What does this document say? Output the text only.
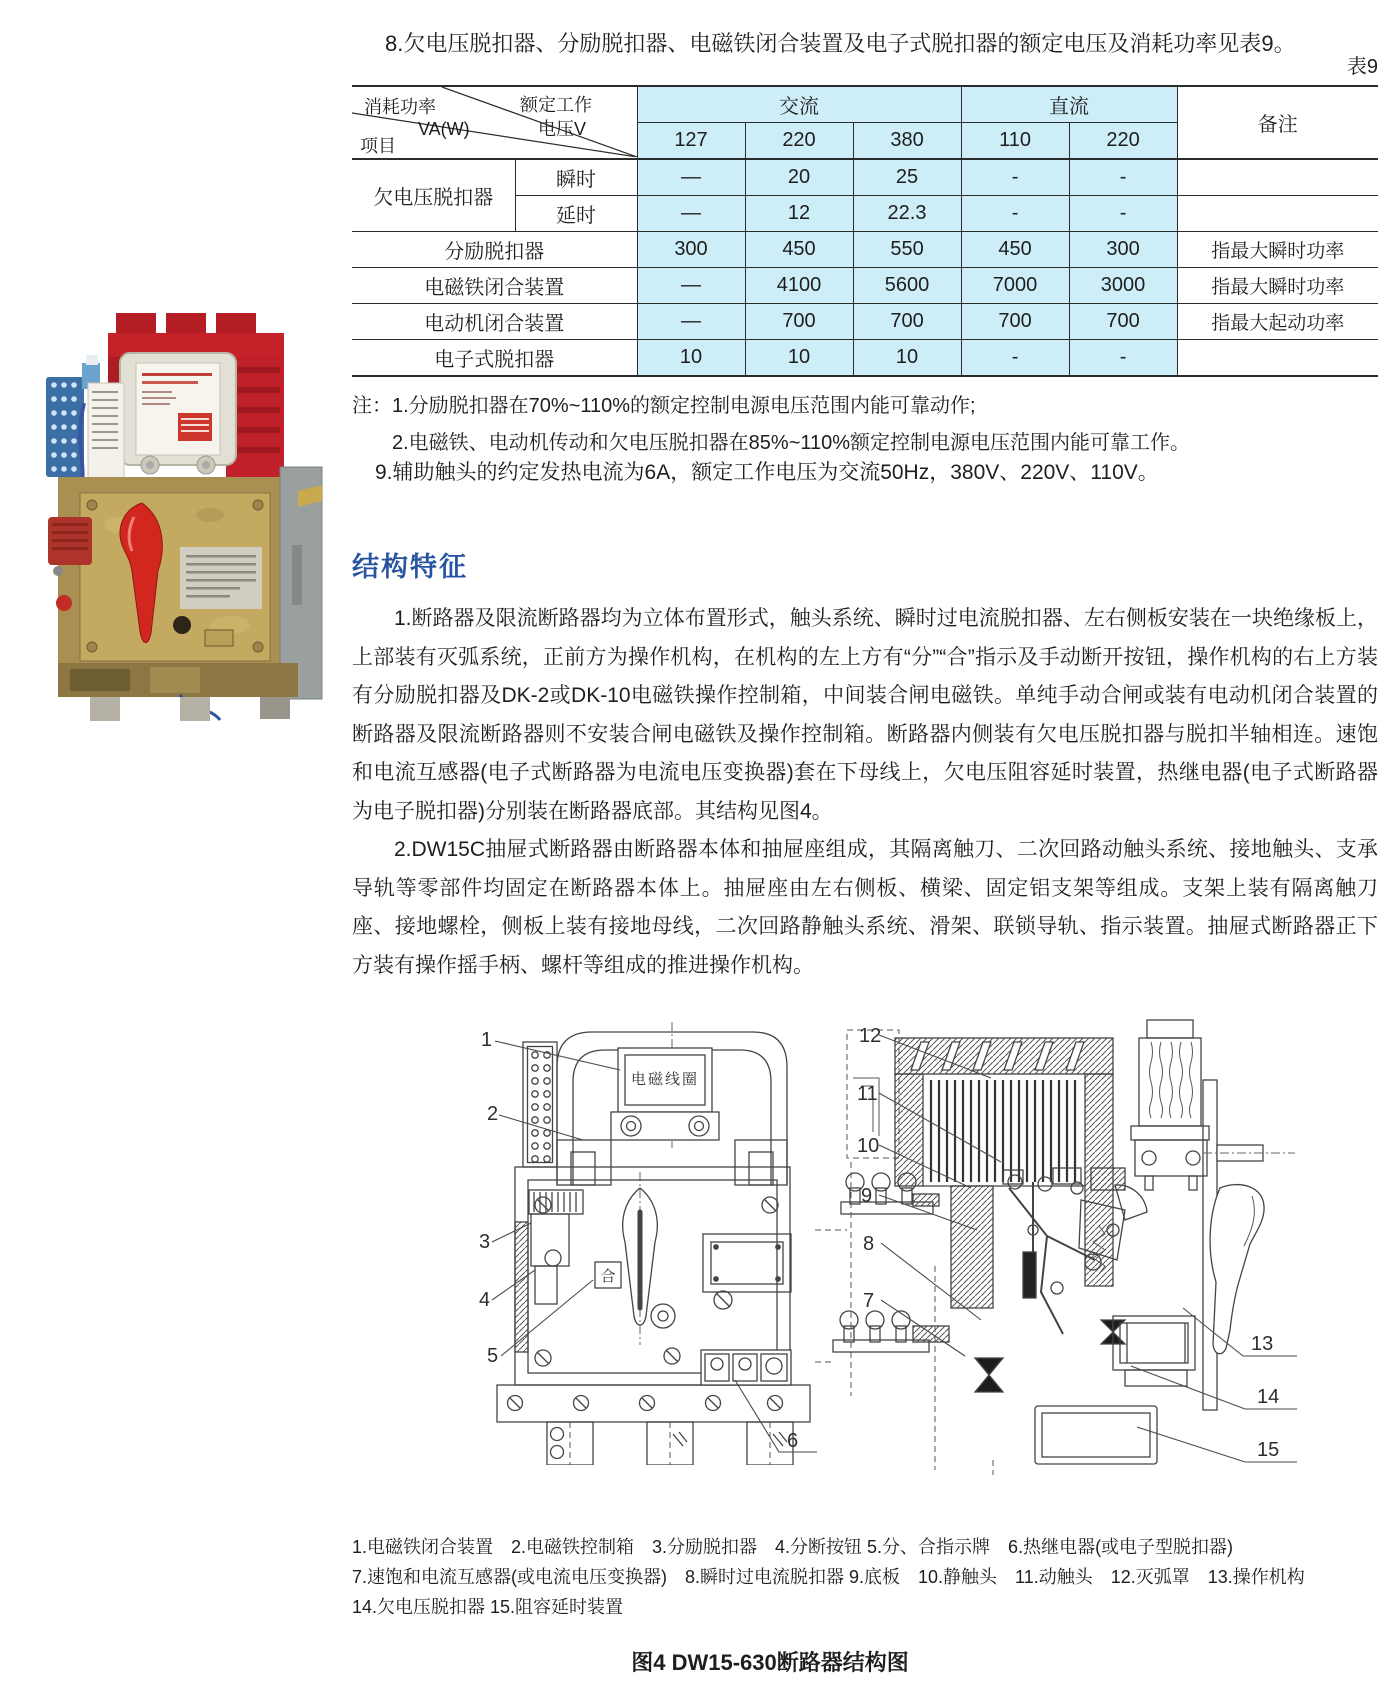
8.欠电压脱扣器、分励脱扣器、电磁铁闭合装置及电子式脱扣器的额定电压及消耗功率见表9。
表9
消耗功率
VA(W)
额定工作
电压V
项目		交流			直流		备注
		127	220	380	110	220	
欠电压脱扣器	瞬时	—	20	25	-	-	
	延时	—	12	22.3	-	-	
分励脱扣器		300	450	550	450	300	指最大瞬时功率
电磁铁闭合装置		—	4100	5600	7000	3000	指最大瞬时功率
电动机闭合装置		—	700	700	700	700	指最大起动功率
电子式脱扣器		10	10	10	-	-	
注： 1.分励脱扣器在70%~110%的额定控制电源电压范围内能可靠动作;
2.电磁铁、电动机传动和欠电压脱扣器在85%~110%额定控制电源电压范围内能可靠工作。
9.辅助触头的约定发热电流为6A，额定工作电压为交流50Hz，380V、220V、110V。
结构特征

1.断路器及限流断路器均为立体布置形式，触头系统、瞬时过电流脱扣器、左右侧板安装在一块绝缘板上，上部装有灭弧系统，正前方为操作机构，在机构的左上方有“分”“合”指示及手动断开按钮，操作机构的右上方装有分励脱扣器及DK-2或DK-10电磁铁操作控制箱，中间装合闸电磁铁。单纯手动合闸或装有电动机闭合装置的断路器及限流断路器则不安装合闸电磁铁及操作控制箱。断路器内侧装有欠电压脱扣器与脱扣半轴相连。速饱和电流互感器(电子式断路器为电流电压变换器)套在下母线上，欠电压阻容延时装置，热继电器(电子式断路器为电子脱扣器)分别装在断路器底部。其结构见图4。

2.DW15C抽屉式断路器由断路器本体和抽屉座组成，其隔离触刀、二次回路动触头系统、接地触头、支承导轨等零部件均固定在断路器本体上。抽屉座由左右侧板、横梁、固定铝支架等组成。支架上装有隔离触刀座、接地螺栓，侧板上装有接地母线，二次回路静触头系统、滑架、联锁导轨、指示装置。抽屉式断路器正下方装有操作摇手柄、螺杆等组成的推进操作机构。

电磁线圈
合
1
2
3
4
5
6
12
11
10
9
8
7
13
14
15

1.电磁铁闭合装置　2.电磁铁控制箱　3.分励脱扣器　4.分断按钮 5.分、合指示牌　6.热继电器(或电子型脱扣器)

7.速饱和电流互感器(或电流电压变换器)　8.瞬时过电流脱扣器 9.底板　10.静触头　11.动触头　12.灭弧罩　13.操作机构

14.欠电压脱扣器 15.阻容延时装置

图4 DW15-630断路器结构图
